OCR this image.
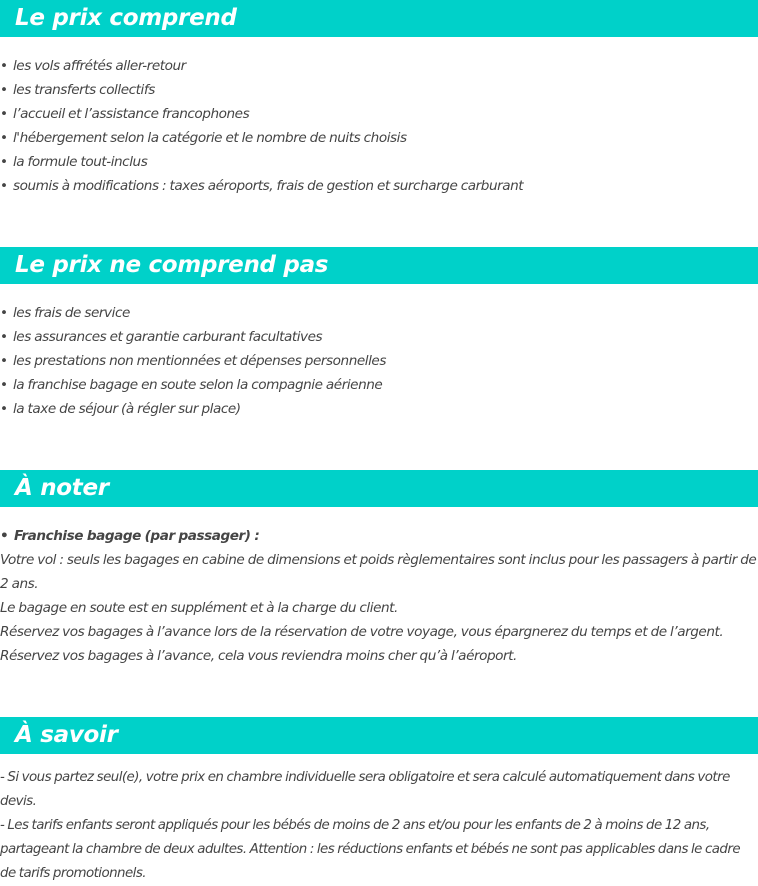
Le prix comprend
• les vols affrétés aller-retour
• les transferts collectifs
• l’accueil et l’assistance francophones
• l'hébergement selon la catégorie et le nombre de nuits choisis
• la formule tout-inclus
• soumis à modifications : taxes aéroports, frais de gestion et surcharge carburant
Le prix ne comprend pas
• les frais de service
• les assurances et garantie carburant facultatives
• les prestations non mentionnées et dépenses personnelles
• la franchise bagage en soute selon la compagnie aérienne
• la taxe de séjour (à régler sur place)
À noter
• Franchise bagage (par passager) :

Votre vol : seuls les bagages en cabine de dimensions et poids règlementaires sont inclus pour les passagers à partir de 2 ans.

Le bagage en soute est en supplément et à la charge du client.

Réservez vos bagages à l’avance lors de la réservation de votre voyage, vous épargnerez du temps et de l’argent.

Réservez vos bagages à l’avance, cela vous reviendra moins cher qu’à l’aéroport.

À savoir

- Si vous partez seul(e), votre prix en chambre individuelle sera obligatoire et sera calculé automatiquement dans votre devis.

- Les tarifs enfants seront appliqués pour les bébés de moins de 2 ans et/ou pour les enfants de 2 à moins de 12 ans, partageant la chambre de deux adultes. Attention : les réductions enfants et bébés ne sont pas applicables dans le cadre de tarifs promotionnels.
